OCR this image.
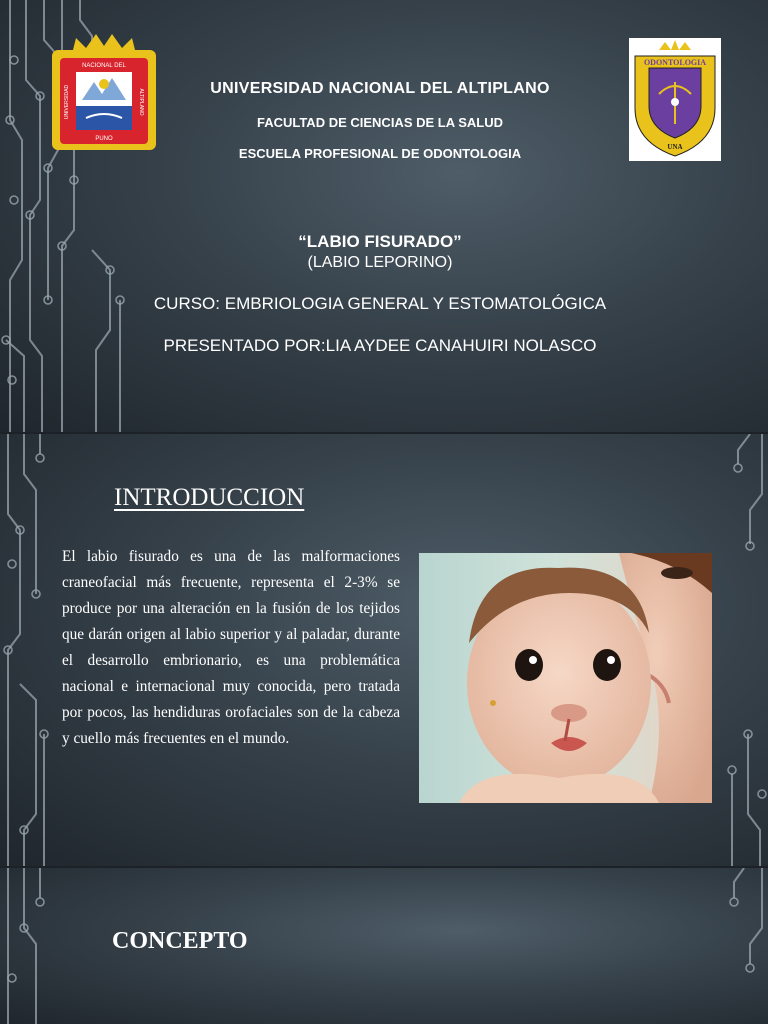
NACIONAL DEL
PUNO
UNIVERSIDAD	ALTIPLANO	UNIVERSIDAD NACIONAL DEL ALTIPLANO
FACULTAD DE CIENCIAS DE LA SALUD
ESCUELA PROFESIONAL DE ODONTOLOGIA
ODONTOLOGIA
UNA
“LABIO FISURADO”
(LABIO LEPORINO)
CURSO: EMBRIOLOGIA GENERAL Y ESTOMATOLÓGICA
PRESENTADO POR:LIA AYDEE CANAHUIRI NOLASCO
INTRODUCCION
El labio fisurado es una de las malformaciones craneofacial más frecuente, representa el 2-3% se produce por una alteración en la fusión de los tejidos que darán origen al labio superior y al paladar, durante el desarrollo embrionario, es una problemática nacional e internacional muy conocida, pero tratada por pocos, las hendiduras orofaciales son de la cabeza y cuello más frecuentes en el mundo.
CONCEPTO
